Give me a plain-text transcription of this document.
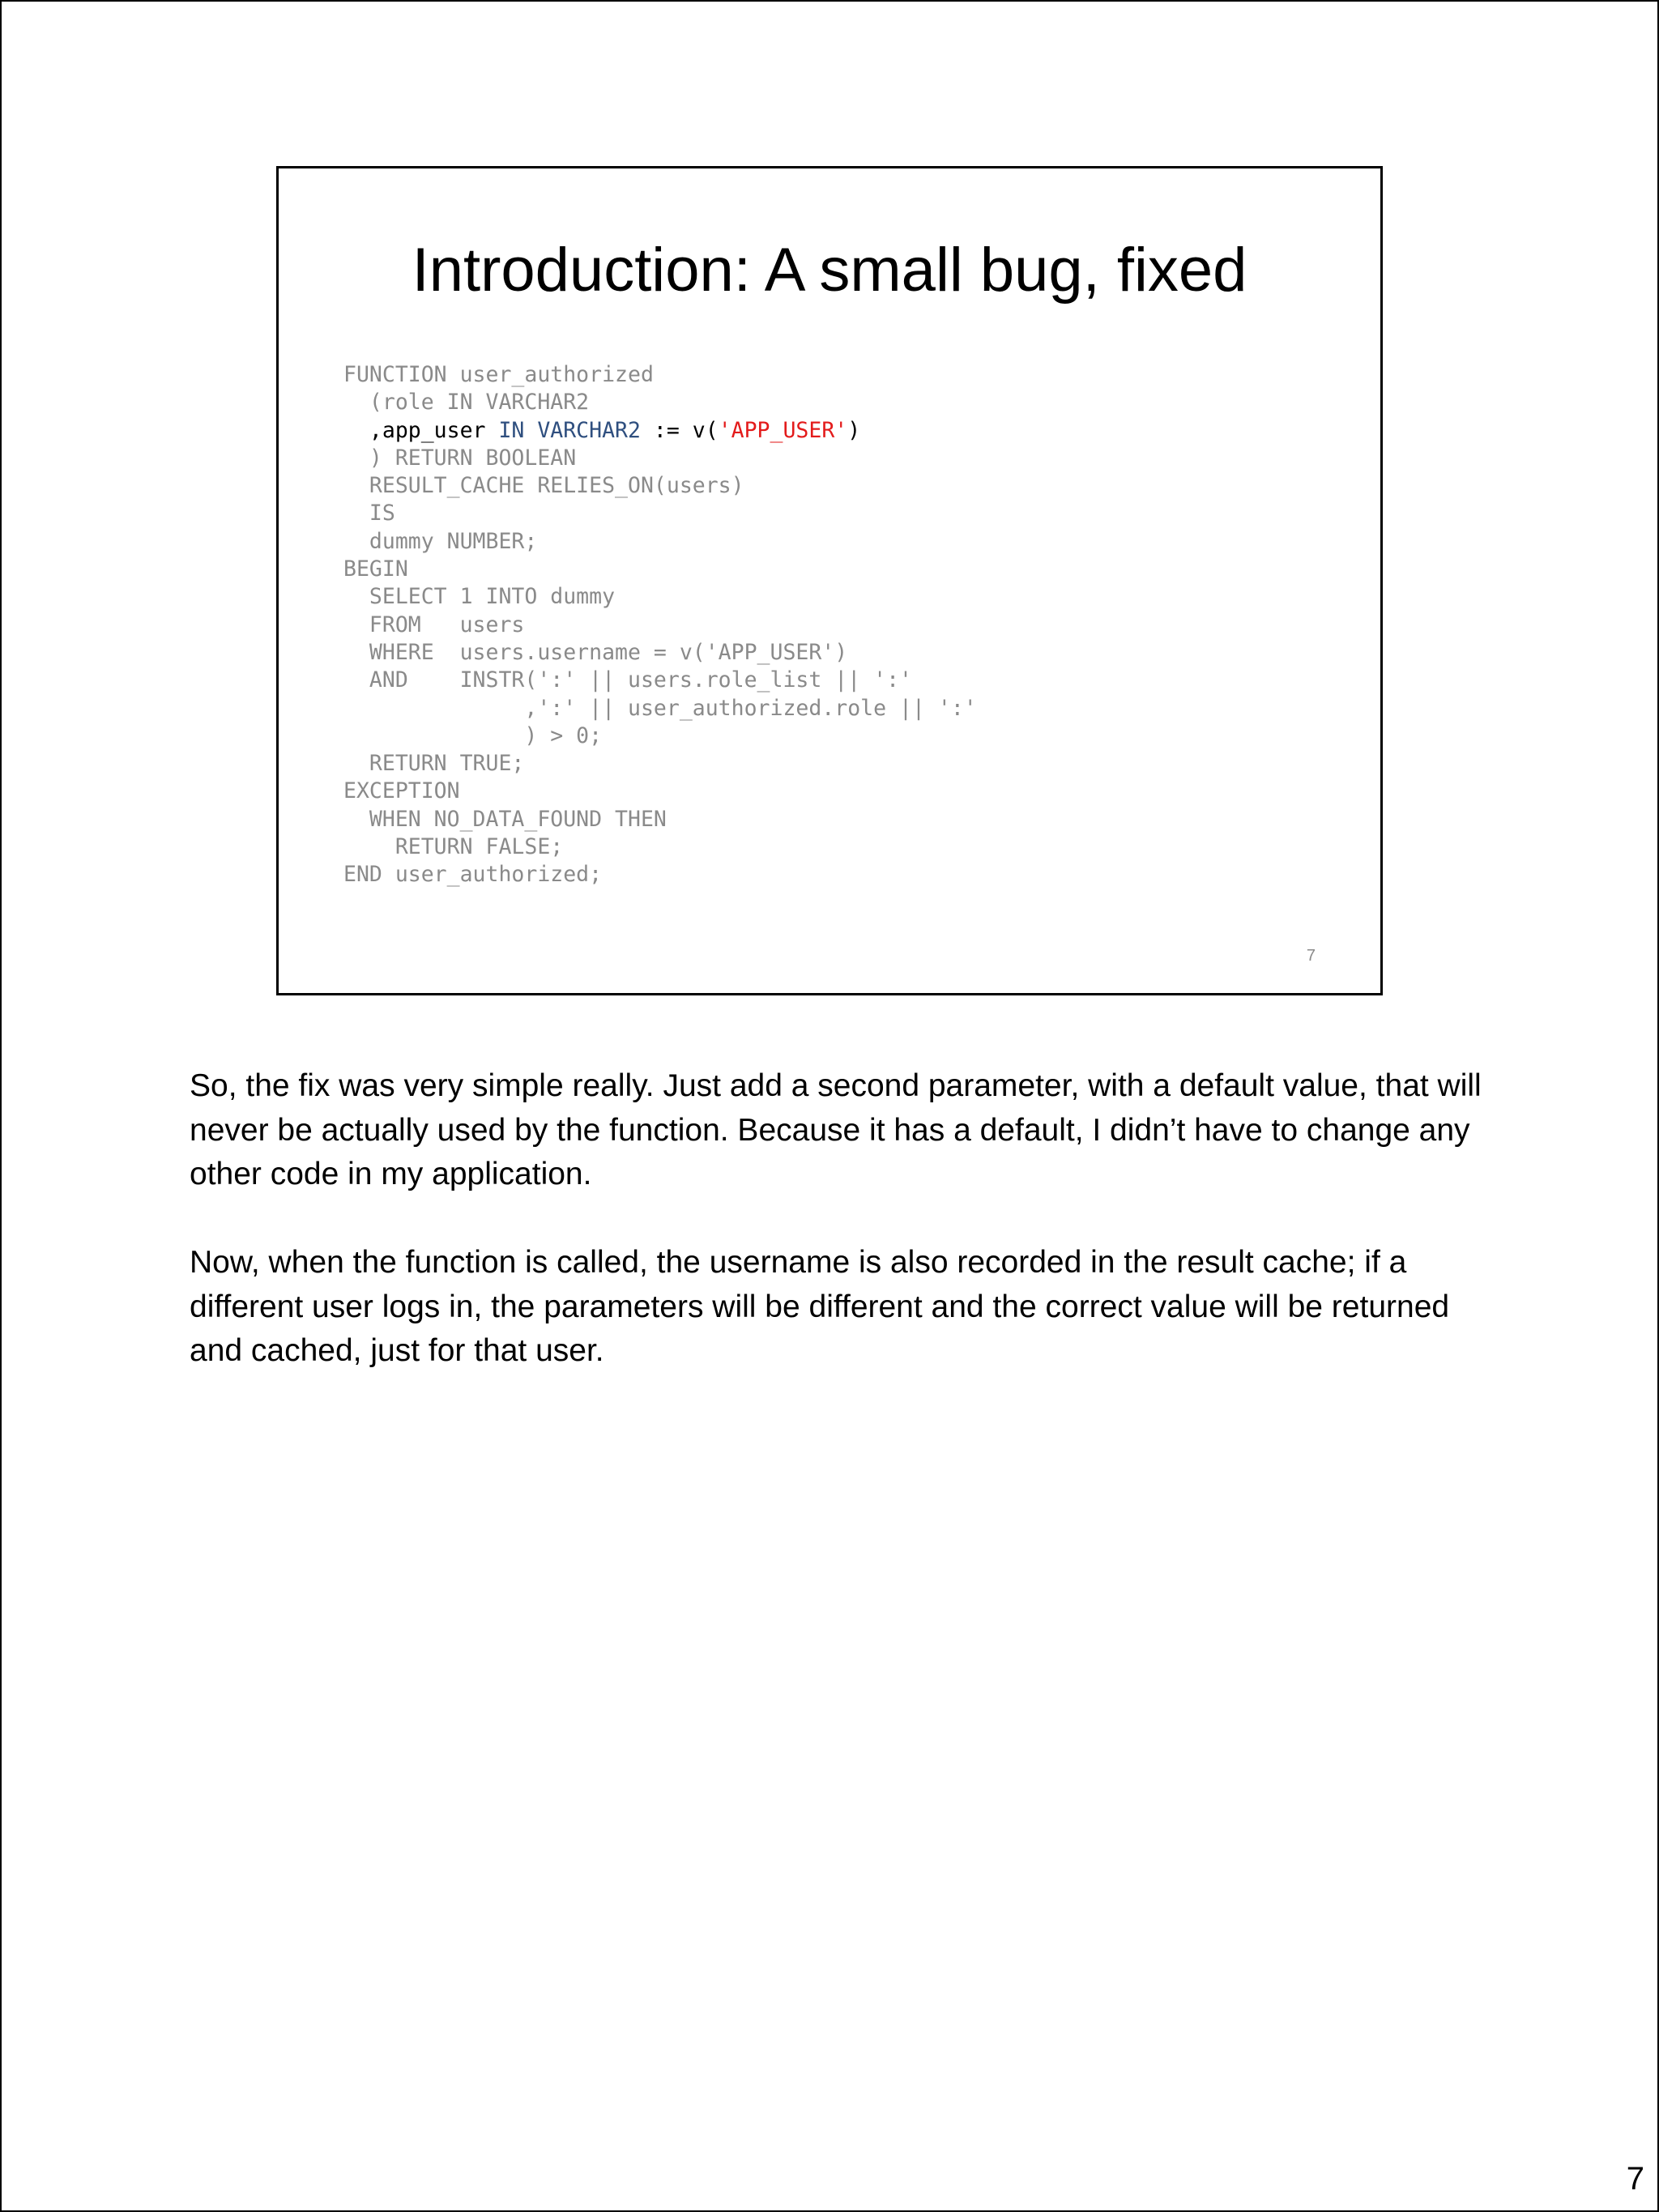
Introduction: A small bug, fixed
FUNCTION user_authorized
(role IN VARCHAR2
,app_user IN VARCHAR2 := v('APP_USER')
) RETURN BOOLEAN
RESULT_CACHE RELIES_ON(users)
IS
dummy NUMBER;
BEGIN
SELECT 1 INTO dummy
FROM   users
WHERE  users.username = v('APP_USER')
AND    INSTR(':' || users.role_list || ':'
,':' || user_authorized.role || ':'
) > 0;
RETURN TRUE;
EXCEPTION
WHEN NO_DATA_FOUND THEN
RETURN FALSE;
END user_authorized;
7

So, the fix was very simple really. Just add a second parameter, with a default value, that will never be actually used by the function. Because it has a default, I didn’t have to change any other code in my application.

Now, when the function is called, the username is also recorded in the result cache; if a different user logs in, the parameters will be different and the correct value will be returned and cached, just for that user.

7
